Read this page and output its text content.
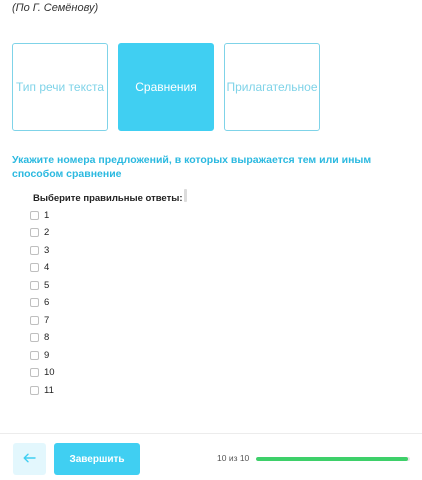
(По Г. Семёнову)
Тип речи текста	Сравнения	Прилагательное
Укажите номера предложений, в которых выражается тем или иным способом сравнение
Выберите правильные ответы:
1
2
3
4
5
6
7
8
9
10
11
Завершить	10 из 10
